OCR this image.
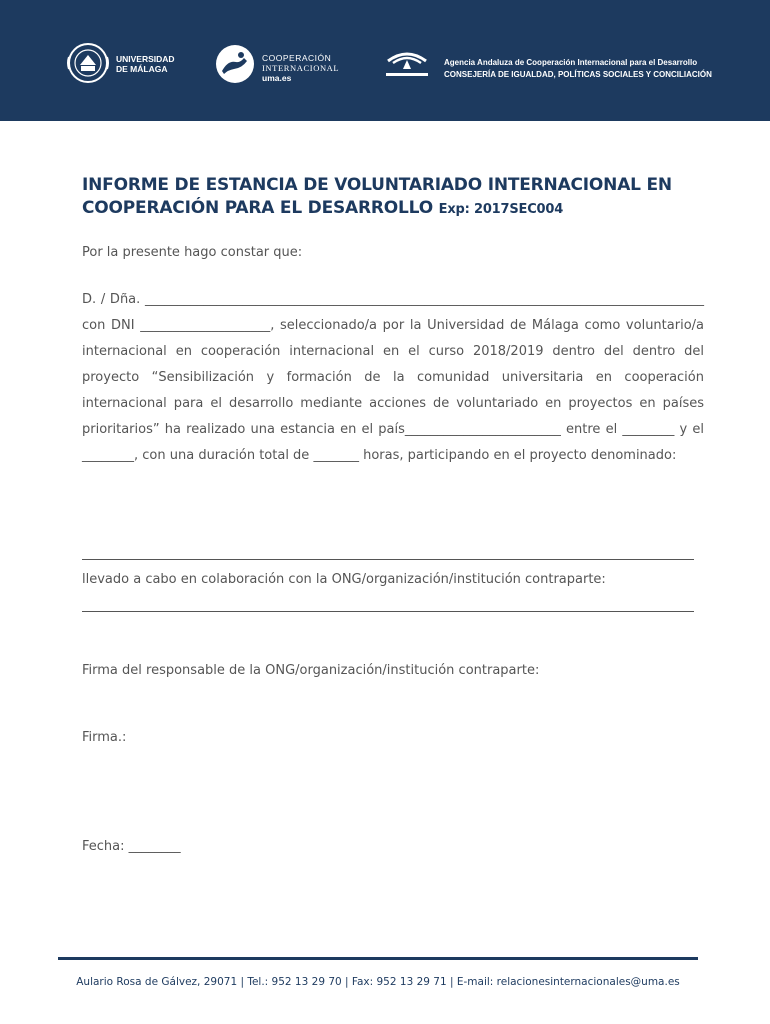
UNIVERSIDAD
DE MÁLAGA
COOPERACIÓN
INTERNACIONAL
uma.es
Agencia Andaluza de Cooperación Internacional para el Desarrollo
CONSEJERÍA DE IGUALDAD, POLÍTICAS SOCIALES Y CONCILIACIÓN
INFORME DE ESTANCIA DE VOLUNTARIADO INTERNACIONAL EN COOPERACIÓN PARA EL DESARROLLO Exp: 2017SEC004

Por la presente hago constar que:

D. / Dña. ______________________________________________________________________________________ con DNI ____________________, seleccionado/a por la Universidad de Málaga como voluntario/a internacional en cooperación internacional en el curso 2018/2019 dentro del dentro del proyecto “Sensibilización y formación de la comunidad universitaria en cooperación internacional para el desarrollo mediante acciones de voluntariado en proyectos en países prioritarios” ha realizado una estancia en el país________________________ entre el ________ y el ________, con una duración total de _______ horas, participando en el proyecto denominado:

llevado a cabo en colaboración con la ONG/organización/institución contraparte:

Firma del responsable de la ONG/organización/institución contraparte:

Firma.:

Fecha: ________

Aulario Rosa de Gálvez, 29071 | Tel.: 952 13 29 70 | Fax: 952 13 29 71 | E-mail: relacionesinternacionales@uma.es
